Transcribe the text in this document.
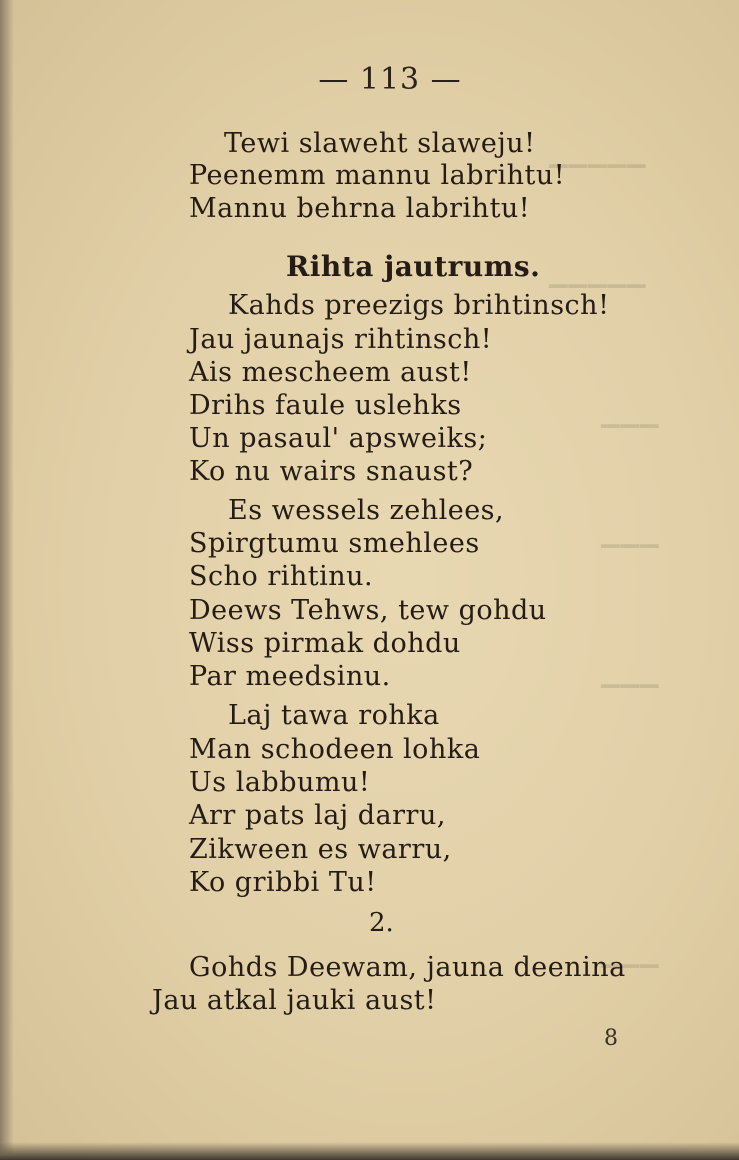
▁▁▁▁▁
▁▁▁▁▁
▁▁▁
▁▁▁
▁▁▁
▁▁▁
— 113 —
Tewi slaweht slaweju!
Peenemm mannu labrihtu!
Mannu behrna labrihtu!
Rihta jautrums.
Kahds preezigs brihtinsch!
Jau jaunajs rihtinsch!
Ais mescheem aust!
Drihs faule uslehks
Un pasaul' apsweiks;
Ko nu wairs snaust?
Es wessels zehlees,
Spirgtumu smehlees
Scho rihtinu.
Deews Tehws, tew gohdu
Wiss pirmak dohdu
Par meedsinu.
Laj tawa rohka
Man schodeen lohka
Us labbumu!
Arr pats laj darru,
Zikween es warru,
Ko gribbi Tu!
2.
Gohds Deewam, jauna deenina
Jau atkal jauki aust!
8
